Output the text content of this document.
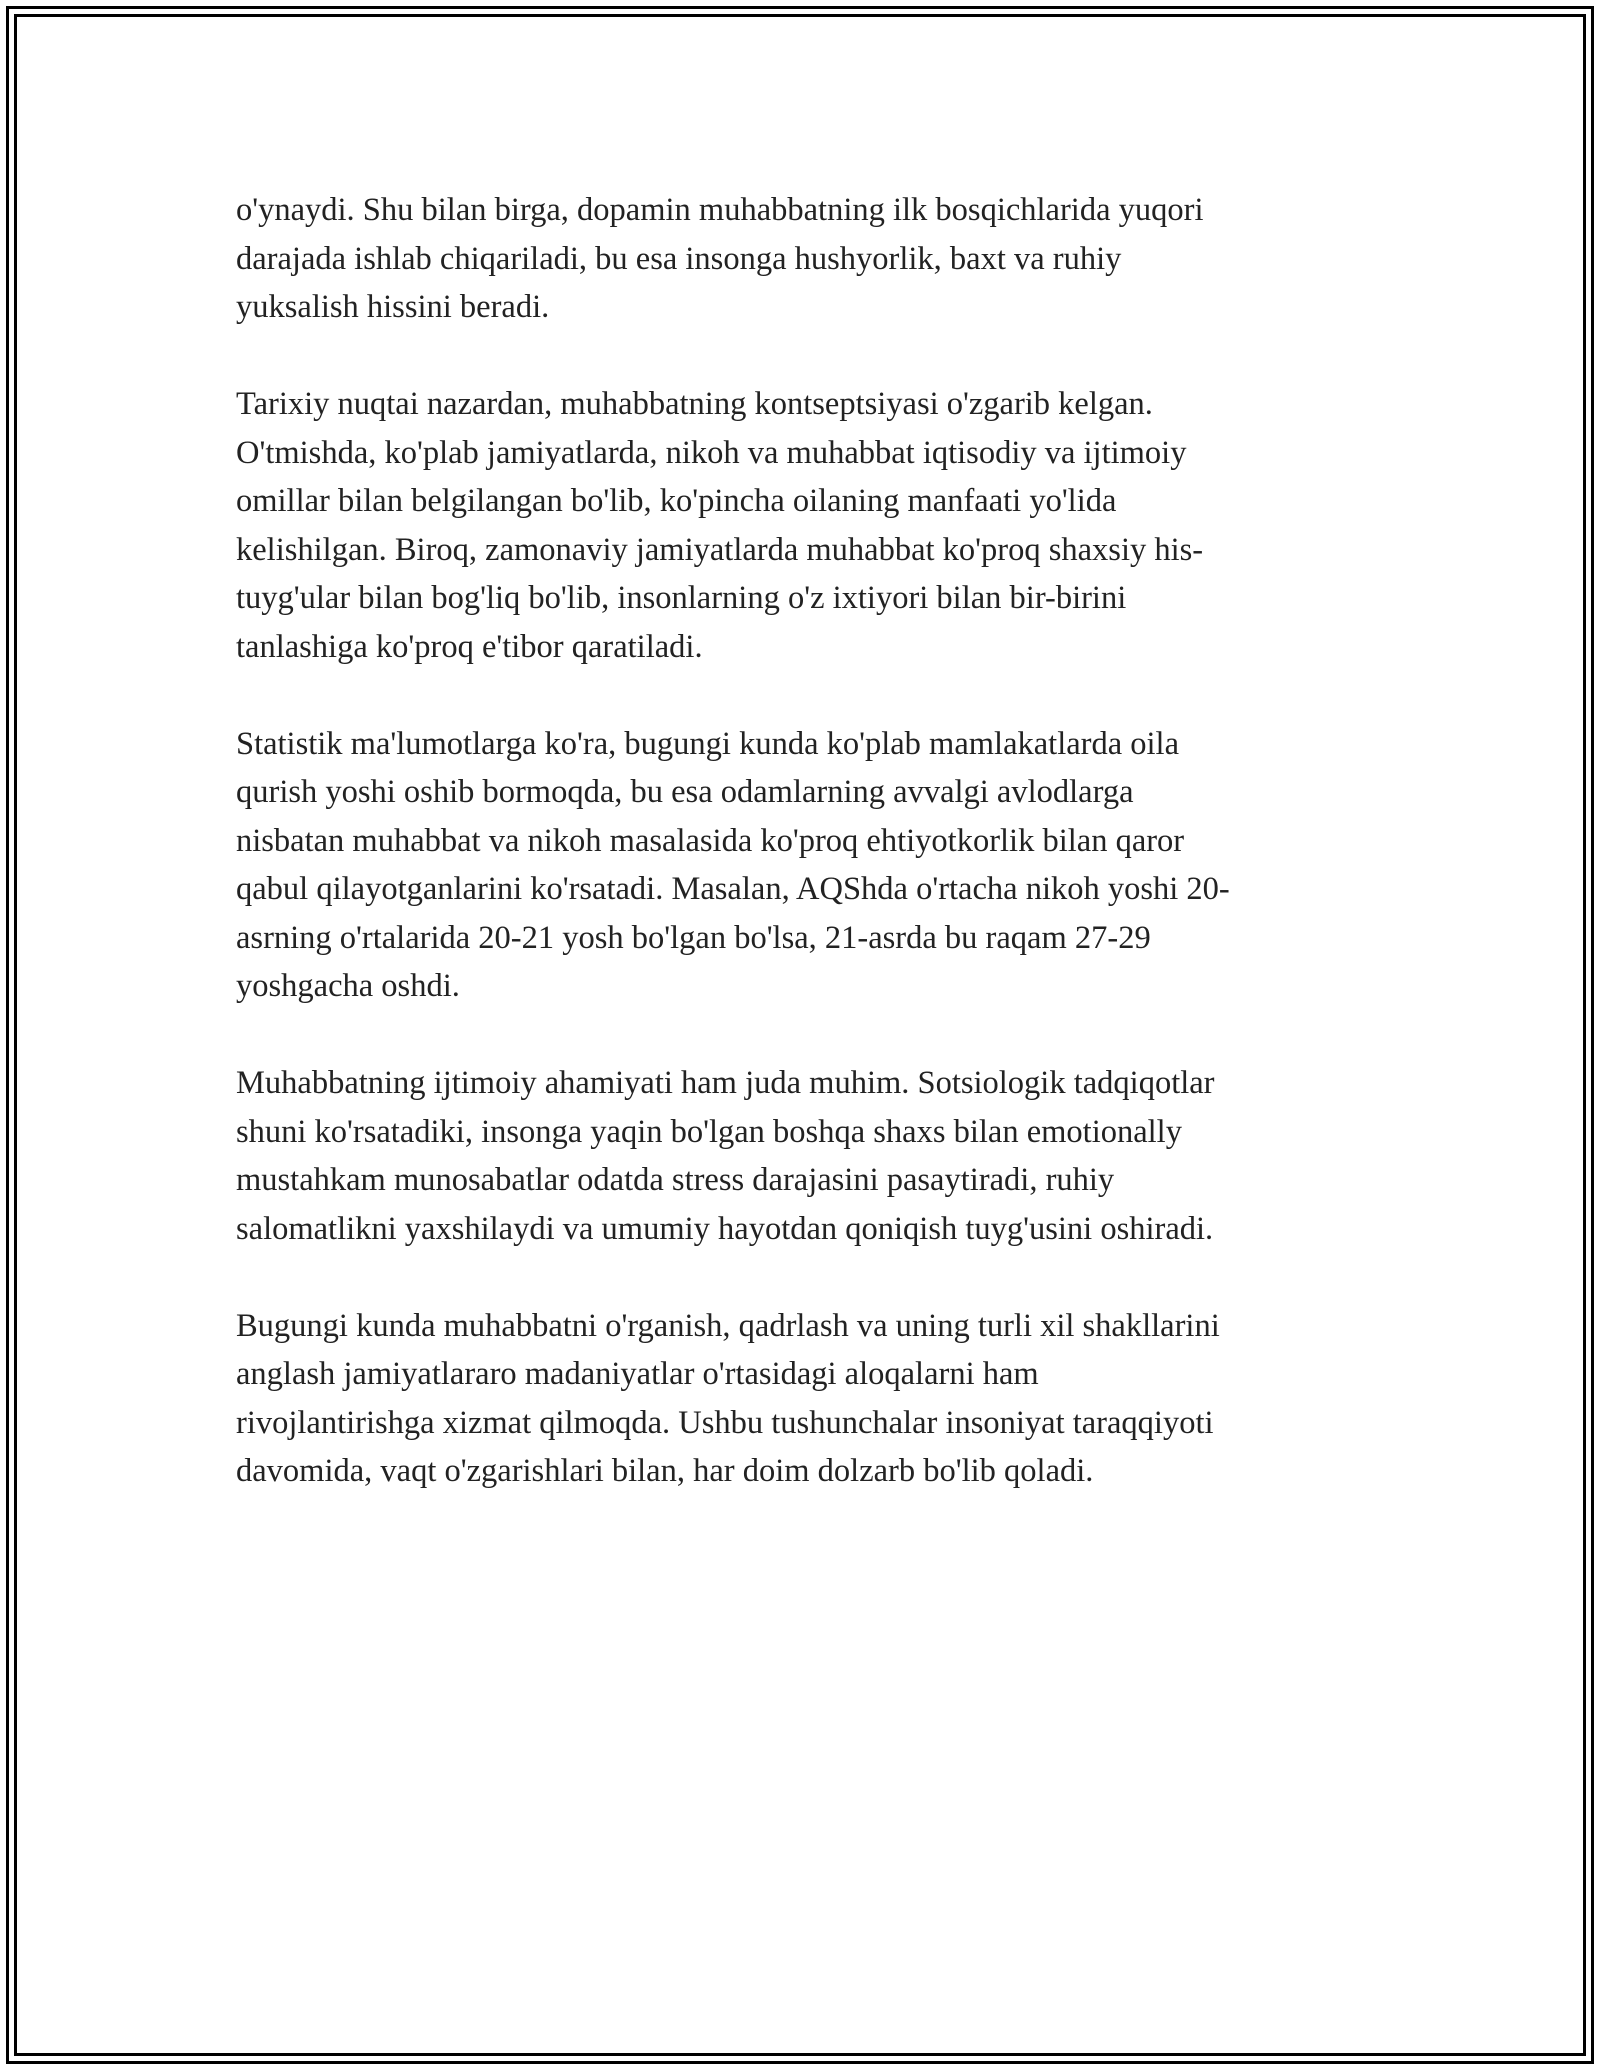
o'ynaydi. Shu bilan birga, dopamin muhabbatning ilk bosqichlarida yuqori
darajada ishlab chiqariladi, bu esa insonga hushyorlik, baxt va ruhiy
yuksalish hissini beradi.

Tarixiy nuqtai nazardan, muhabbatning kontseptsiyasi o'zgarib kelgan.
O'tmishda, ko'plab jamiyatlarda, nikoh va muhabbat iqtisodiy va ijtimoiy
omillar bilan belgilangan bo'lib, ko'pincha oilaning manfaati yo'lida
kelishilgan. Biroq, zamonaviy jamiyatlarda muhabbat ko'proq shaxsiy his-
tuyg'ular bilan bog'liq bo'lib, insonlarning o'z ixtiyori bilan bir-birini
tanlashiga ko'proq e'tibor qaratiladi.

Statistik ma'lumotlarga ko'ra, bugungi kunda ko'plab mamlakatlarda oila
qurish yoshi oshib bormoqda, bu esa odamlarning avvalgi avlodlarga
nisbatan muhabbat va nikoh masalasida ko'proq ehtiyotkorlik bilan qaror
qabul qilayotganlarini ko'rsatadi. Masalan, AQShda o'rtacha nikoh yoshi 20-
asrning o'rtalarida 20-21 yosh bo'lgan bo'lsa, 21-asrda bu raqam 27-29
yoshgacha oshdi.

Muhabbatning ijtimoiy ahamiyati ham juda muhim. Sotsiologik tadqiqotlar
shuni ko'rsatadiki, insonga yaqin bo'lgan boshqa shaxs bilan emotionally
mustahkam munosabatlar odatda stress darajasini pasaytiradi, ruhiy
salomatlikni yaxshilaydi va umumiy hayotdan qoniqish tuyg'usini oshiradi.

Bugungi kunda muhabbatni o'rganish, qadrlash va uning turli xil shakllarini
anglash jamiyatlararo madaniyatlar o'rtasidagi aloqalarni ham
rivojlantirishga xizmat qilmoqda. Ushbu tushunchalar insoniyat taraqqiyoti
davomida, vaqt o'zgarishlari bilan, har doim dolzarb bo'lib qoladi.
